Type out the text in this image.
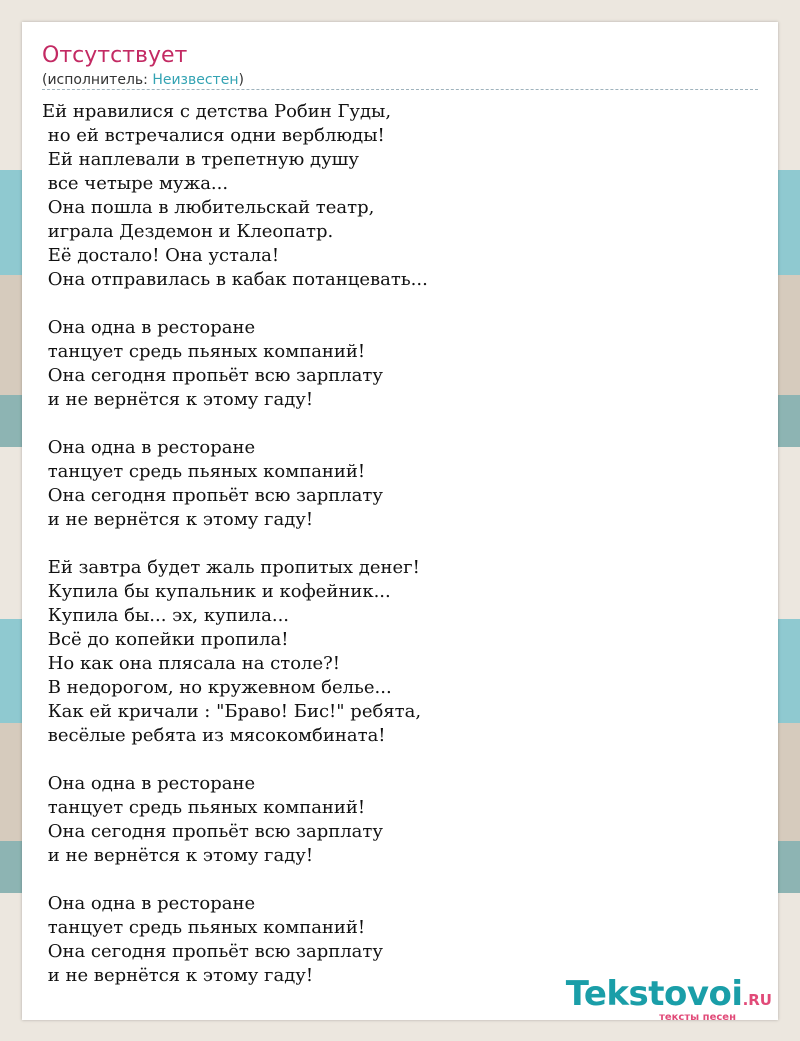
Отсутствует
(исполнитель: Неизвестен)
Ей нравилися с детства Робин Гуды,
но ей встречалися одни верблюды!
Ей наплевали в трепетную душу
все четыре мужа...
Она пошла в любительскай театр,
играла Дездемон и Клеопатр.
Её достало! Она устала!
Она отправилась в кабак потанцевать...

Она одна в ресторане
танцует средь пьяных компаний!
Она сегодня пропьёт всю зарплату
и не вернётся к этому гаду!

Она одна в ресторане
танцует средь пьяных компаний!
Она сегодня пропьёт всю зарплату
и не вернётся к этому гаду!

Ей завтра будет жаль пропитых денег!
Купила бы купальник и кофейник...
Купила бы... эх, купила...
Всё до копейки пропила!
Но как она плясала на столе?!
В недорогом, но кружевном белье...
Как ей кричали : "Браво! Бис!" ребята,
весёлые ребята из мясокомбината!

Она одна в ресторане
танцует средь пьяных компаний!
Она сегодня пропьёт всю зарплату
и не вернётся к этому гаду!

Она одна в ресторане
танцует средь пьяных компаний!
Она сегодня пропьёт всю зарплату
и не вернётся к этому гаду!	Tekstovoi.RU
тексты песен
